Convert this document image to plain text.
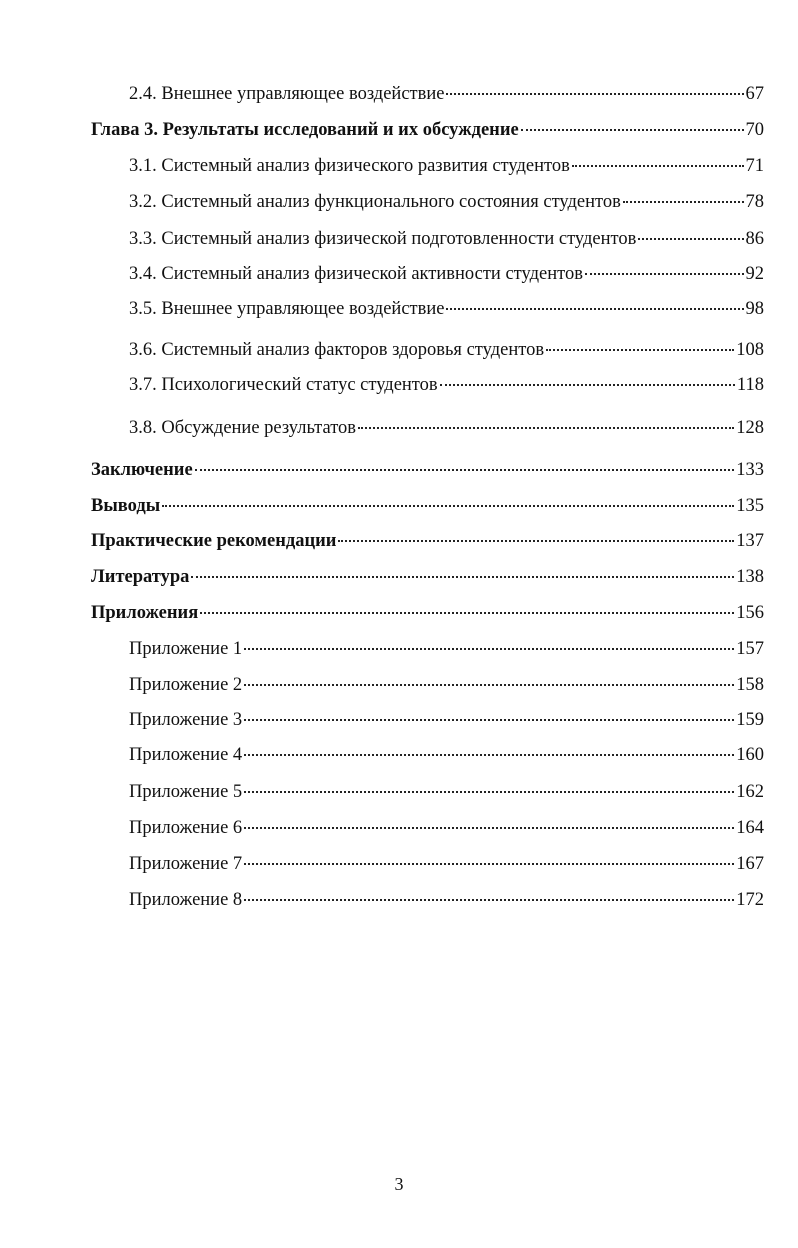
2.4. Внешнее управляющее воздействие	67
Глава 3. Результаты исследований и их обсуждение	70
3.1. Системный анализ физического развития студентов	71
3.2. Системный анализ функционального состояния студентов	78
3.3. Системный анализ физической подготовленности студентов	86
3.4. Системный анализ физической активности студентов	92
3.5. Внешнее управляющее воздействие	98
3.6. Системный анализ факторов здоровья студентов	108
3.7. Психологический статус студентов	118
3.8. Обсуждение результатов	128
Заключение	133
Выводы	135
Практические рекомендации	137
Литература	138
Приложения	156
Приложение 1	157
Приложение 2	158
Приложение 3	159
Приложение 4	160
Приложение 5	162
Приложение 6	164
Приложение 7	167
Приложение 8	172
3
